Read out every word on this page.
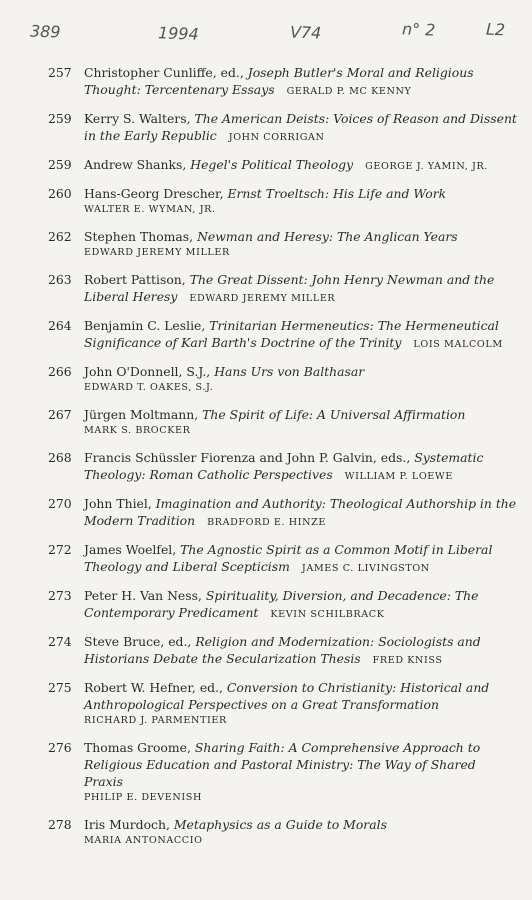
389	1994	V74	n° 2	L2
257 Christopher Cunliffe, ed., Joseph Butler's Moral and Religious Thought: Tercentenary Essays GERALD P. MC KENNY
259 Kerry S. Walters, The American Deists: Voices of Reason and Dissent in the Early Republic JOHN CORRIGAN
259 Andrew Shanks, Hegel's Political Theology GEORGE J. YAMIN, JR.
260 Hans-Georg Drescher, Ernst Troeltsch: His Life and Work
WALTER E. WYMAN, JR.
262 Stephen Thomas, Newman and Heresy: The Anglican Years
EDWARD JEREMY MILLER
263 Robert Pattison, The Great Dissent: John Henry Newman and the Liberal Heresy EDWARD JEREMY MILLER
264 Benjamin C. Leslie, Trinitarian Hermeneutics: The Hermeneutical Significance of Karl Barth's Doctrine of the Trinity LOIS MALCOLM
266 John O'Donnell, S.J., Hans Urs von Balthasar
EDWARD T. OAKES, S.J.
267 Jürgen Moltmann, The Spirit of Life: A Universal Affirmation
MARK S. BROCKER
268 Francis Schüssler Fiorenza and John P. Galvin, eds., Systematic Theology: Roman Catholic Perspectives WILLIAM P. LOEWE
270 John Thiel, Imagination and Authority: Theological Authorship in the Modern Tradition BRADFORD E. HINZE
272 James Woelfel, The Agnostic Spirit as a Common Motif in Liberal Theology and Liberal Scepticism JAMES C. LIVINGSTON
273 Peter H. Van Ness, Spirituality, Diversion, and Decadence: The Contemporary Predicament KEVIN SCHILBRACK
274 Steve Bruce, ed., Religion and Modernization: Sociologists and Historians Debate the Secularization Thesis FRED KNISS
275 Robert W. Hefner, ed., Conversion to Christianity: Historical and Anthropological Perspectives on a Great Transformation
RICHARD J. PARMENTIER
276 Thomas Groome, Sharing Faith: A Comprehensive Approach to Religious Education and Pastoral Ministry: The Way of Shared Praxis
PHILIP E. DEVENISH
278 Iris Murdoch, Metaphysics as a Guide to Morals
MARIA ANTONACCIO
